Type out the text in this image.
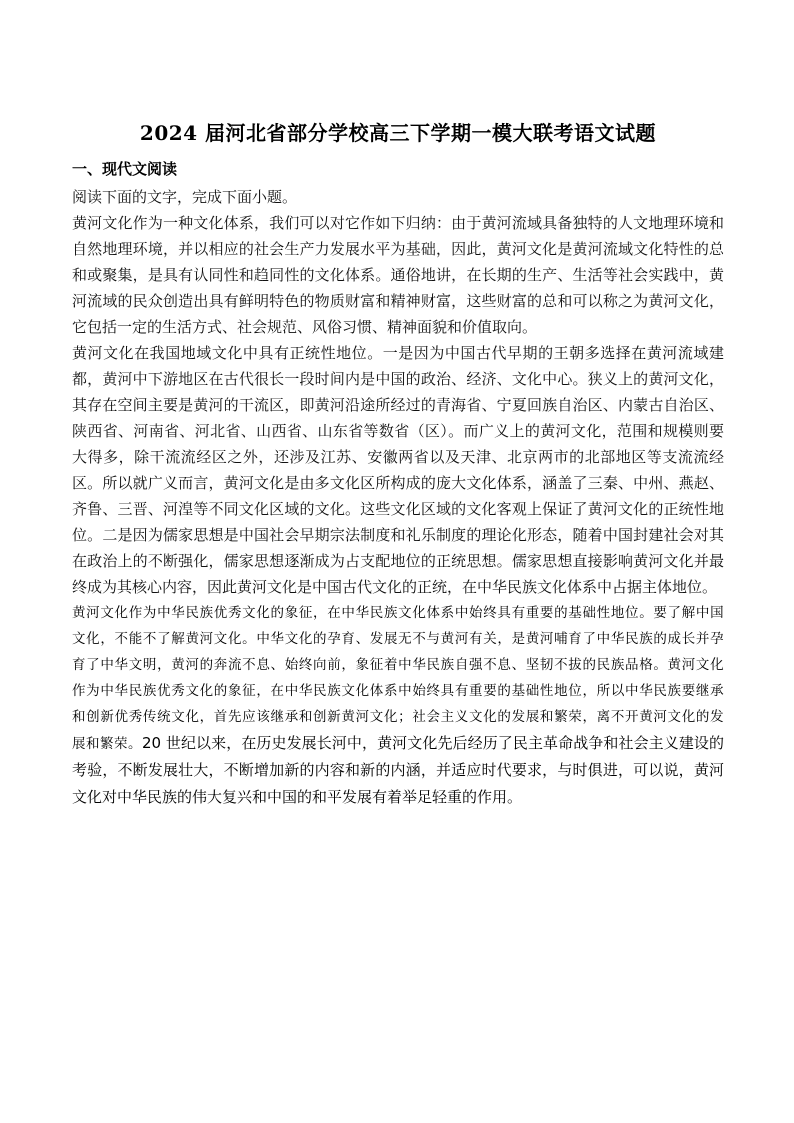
2024 届河北省部分学校高三下学期一模大联考语文试题
一、现代文阅读

阅读下面的文字，完成下面小题。

黄河文化作为一种文化体系，我们可以对它作如下归纳：由于黄河流域具备独特的人文地理环境和自然地理环境，并以相应的社会生产力发展水平为基础，因此，黄河文化是黄河流域文化特性的总和或聚集，是具有认同性和趋同性的文化体系。通俗地讲，在长期的生产、生活等社会实践中，黄河流域的民众创造出具有鲜明特色的物质财富和精神财富，这些财富的总和可以称之为黄河文化，它包括一定的生活方式、社会规范、风俗习惯、精神面貌和价值取向。

黄河文化在我国地域文化中具有正统性地位。一是因为中国古代早期的王朝多选择在黄河流域建都，黄河中下游地区在古代很长一段时间内是中国的政治、经济、文化中心。狭义上的黄河文化，其存在空间主要是黄河的干流区，即黄河沿途所经过的青海省、宁夏回族自治区、内蒙古自治区、陕西省、河南省、河北省、山西省、山东省等数省（区）。而广义上的黄河文化，范围和规模则要大得多，除干流流经区之外，还涉及江苏、安徽两省以及天津、北京两市的北部地区等支流流经区。所以就广义而言，黄河文化是由多文化区所构成的庞大文化体系，涵盖了三秦、中州、燕赵、齐鲁、三晋、河湟等不同文化区域的文化。这些文化区域的文化客观上保证了黄河文化的正统性地位。二是因为儒家思想是中国社会早期宗法制度和礼乐制度的理论化形态，随着中国封建社会对其在政治上的不断强化，儒家思想逐渐成为占支配地位的正统思想。儒家思想直接影响黄河文化并最终成为其核心内容，因此黄河文化是中国古代文化的正统，在中华民族文化体系中占据主体地位。

黄河文化作为中华民族优秀文化的象征，在中华民族文化体系中始终具有重要的基础性地位。要了解中国文化，不能不了解黄河文化。中华文化的孕育、发展无不与黄河有关，是黄河哺育了中华民族的成长并孕育了中华文明，黄河的奔流不息、始终向前，象征着中华民族自强不息、坚韧不拔的民族品格。黄河文化作为中华民族优秀文化的象征，在中华民族文化体系中始终具有重要的基础性地位，所以中华民族要继承和创新优秀传统文化，首先应该继承和创新黄河文化；社会主义文化的发展和繁荣，离不开黄河文化的发展和繁荣。20 世纪以来，在历史发展长河中，黄河文化先后经历了民主革命战争和社会主义建设的考验，不断发展壮大，不断增加新的内容和新的内涵，并适应时代要求，与时俱进，可以说，黄河文化对中华民族的伟大复兴和中国的和平发展有着举足轻重的作用。
